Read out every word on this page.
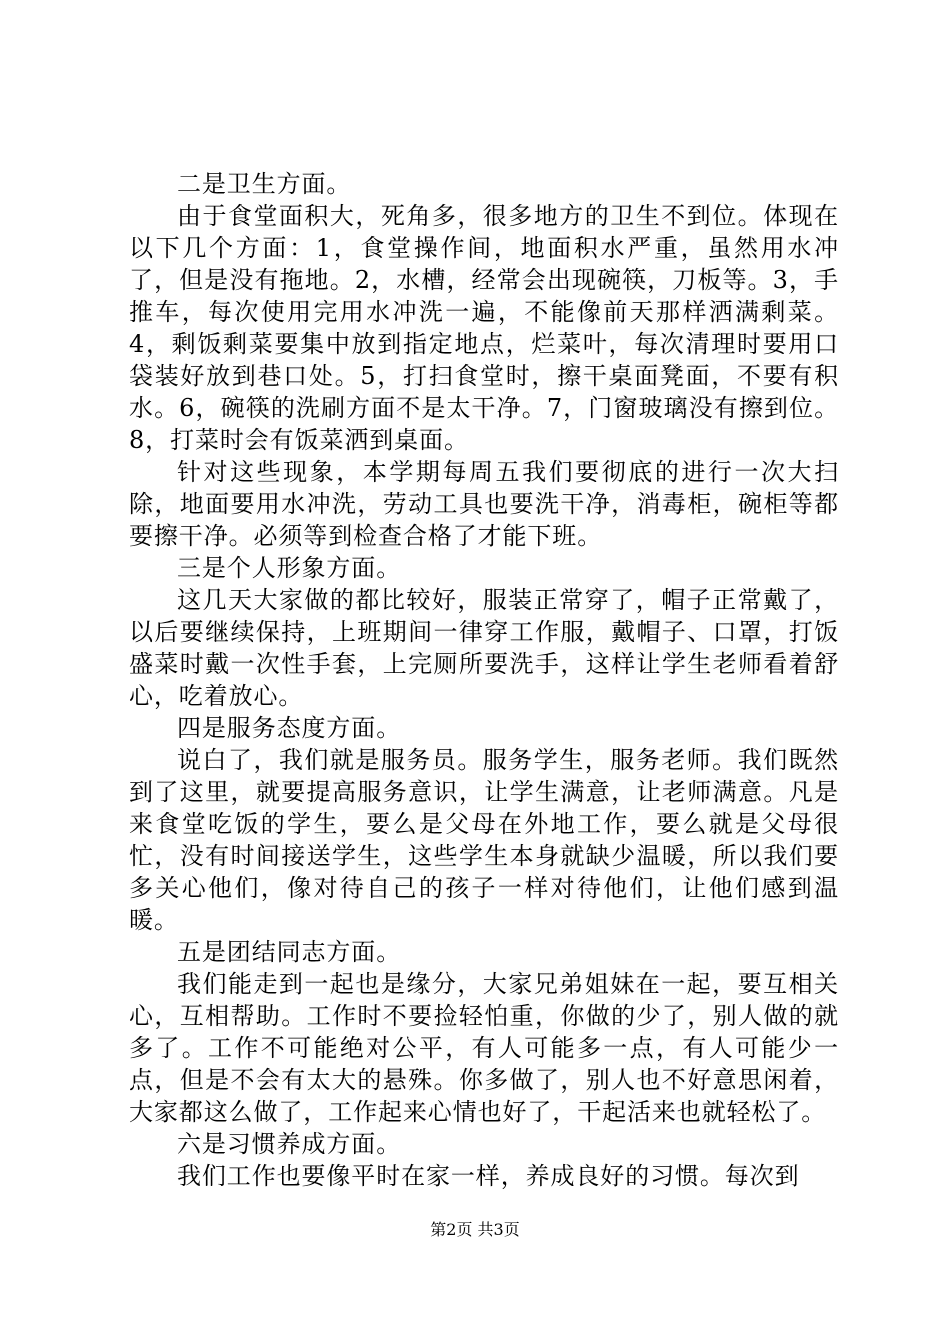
二是卫生方面。

由于食堂面积大，死角多，很多地方的卫生不到位。体现在以下几个方面：1，食堂操作间，地面积水严重，虽然用水冲了，但是没有拖地。2，水槽，经常会出现碗筷，刀板等。3，手推车，每次使用完用水冲洗一遍，不能像前天那样洒满剩菜。4，剩饭剩菜要集中放到指定地点，烂菜叶，每次清理时要用口袋装好放到巷口处。5，打扫食堂时，擦干桌面凳面，不要有积水。6，碗筷的洗刷方面不是太干净。7，门窗玻璃没有擦到位。8，打菜时会有饭菜洒到桌面。

针对这些现象，本学期每周五我们要彻底的进行一次大扫除，地面要用水冲洗，劳动工具也要洗干净，消毒柜，碗柜等都要擦干净。必须等到检查合格了才能下班。

三是个人形象方面。

这几天大家做的都比较好，服装正常穿了，帽子正常戴了，以后要继续保持，上班期间一律穿工作服，戴帽子、口罩，打饭盛菜时戴一次性手套，上完厕所要洗手，这样让学生老师看着舒心，吃着放心。

四是服务态度方面。

说白了，我们就是服务员。服务学生，服务老师。我们既然到了这里，就要提高服务意识，让学生满意，让老师满意。凡是来食堂吃饭的学生，要么是父母在外地工作，要么就是父母很忙，没有时间接送学生，这些学生本身就缺少温暖，所以我们要多关心他们，像对待自己的孩子一样对待他们，让他们感到温暖。

五是团结同志方面。

我们能走到一起也是缘分，大家兄弟姐妹在一起，要互相关心，互相帮助。工作时不要捡轻怕重，你做的少了，别人做的就多了。工作不可能绝对公平，有人可能多一点，有人可能少一点，但是不会有太大的悬殊。你多做了，别人也不好意思闲着，大家都这么做了，工作起来心情也好了，干起活来也就轻松了。

六是习惯养成方面。

我们工作也要像平时在家一样，养成良好的习惯。每次到

第2页 共3页
